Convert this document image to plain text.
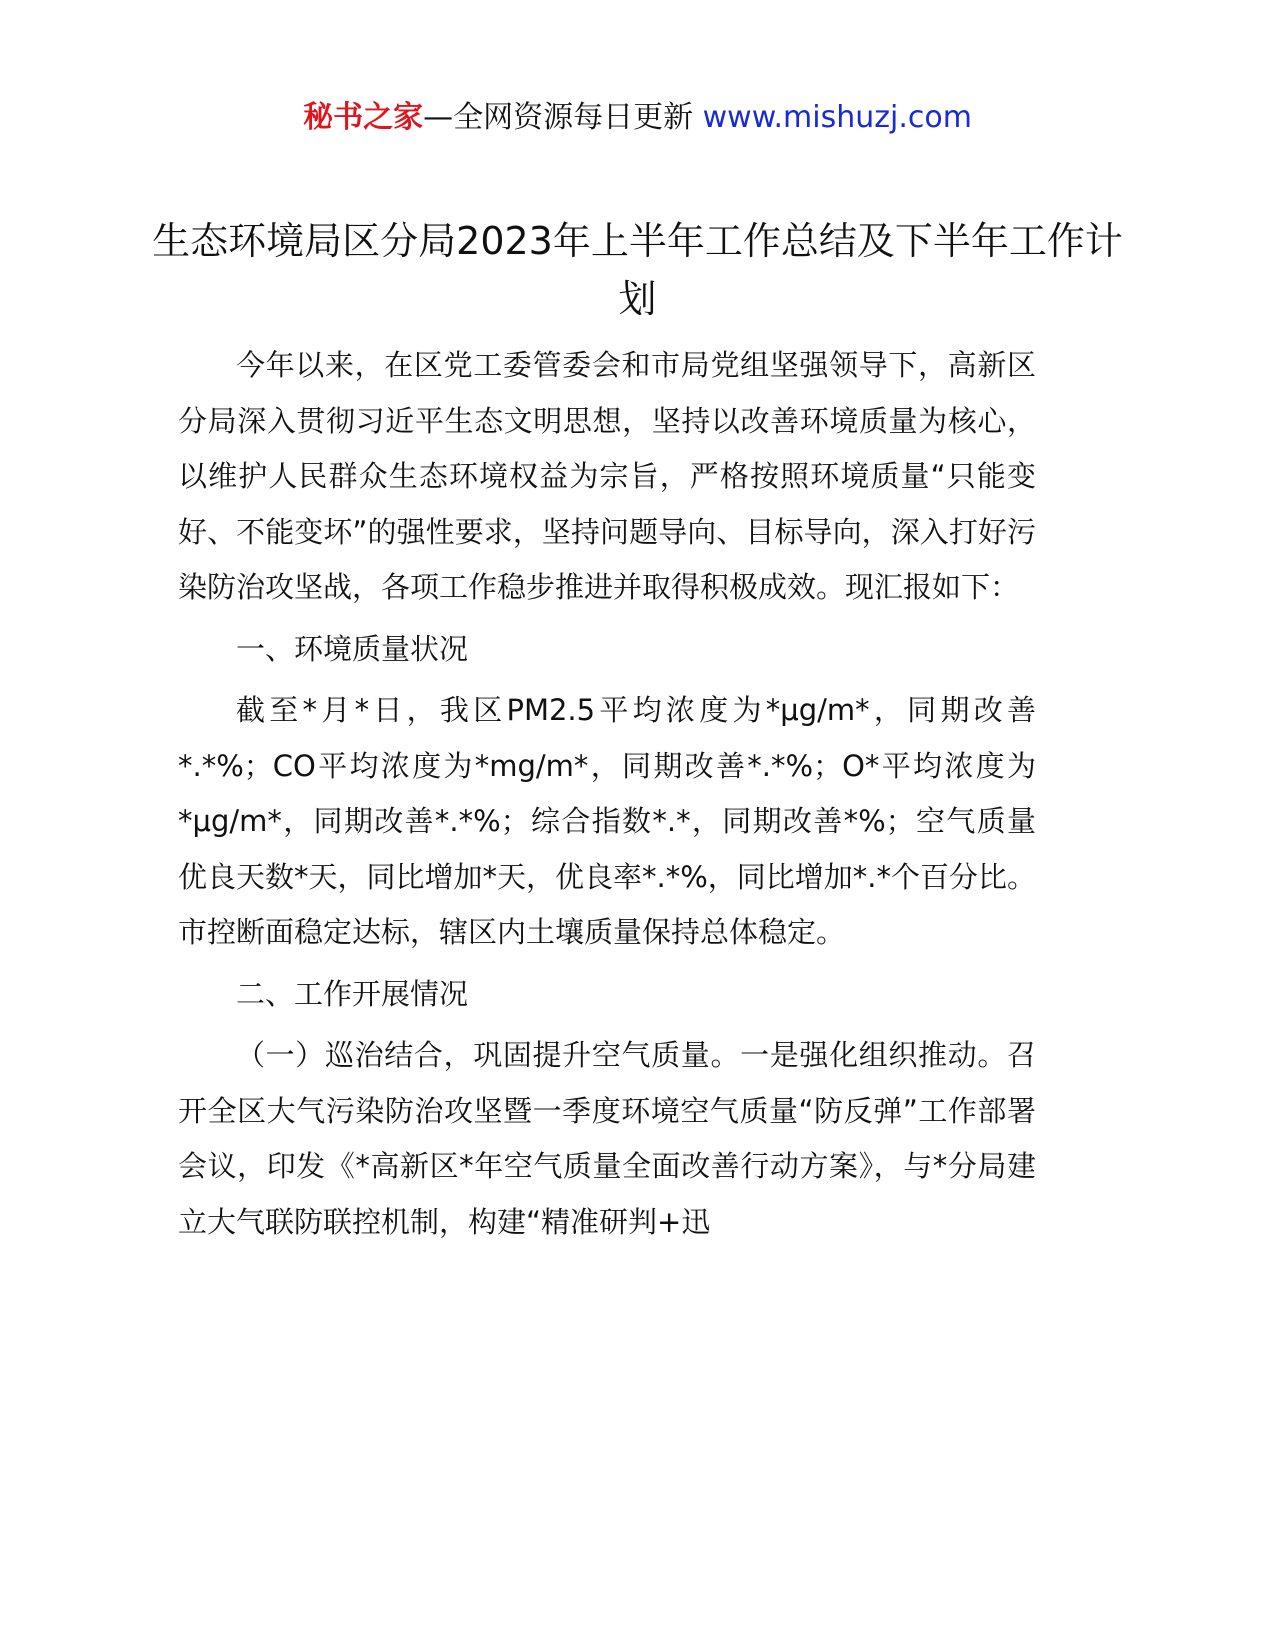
秘书之家—全网资源每日更新 www.mishuzj.com
生态环境局区分局2023年上半年工作总结及下半年工作计划

今年以来，在区党工委管委会和市局党组坚强领导下，高新区分局深入贯彻习近平生态文明思想，坚持以改善环境质量为核心，以维护人民群众生态环境权益为宗旨，严格按照环境质量“只能变好、不能变坏”的强性要求，坚持问题导向、目标导向，深入打好污染防治攻坚战，各项工作稳步推进并取得积极成效。现汇报如下：

一、环境质量状况

截至*月*日，我区PM2.5平均浓度为*μg/m*，同期改善*.*%；CO平均浓度为*mg/m*，同期改善*.*%；O*平均浓度为*μg/m*，同期改善*.*%；综合指数*.*，同期改善*%；空气质量优良天数*天，同比增加*天，优良率*.*%，同比增加*.*个百分比。市控断面稳定达标，辖区内土壤质量保持总体稳定。

二、工作开展情况

（一）巡治结合，巩固提升空气质量。一是强化组织推动。召开全区大气污染防治攻坚暨一季度环境空气质量“防反弹”工作部署会议，印发《*高新区*年空气质量全面改善行动方案》，与*分局建立大气联防联控机制，构建“精准研判+迅
